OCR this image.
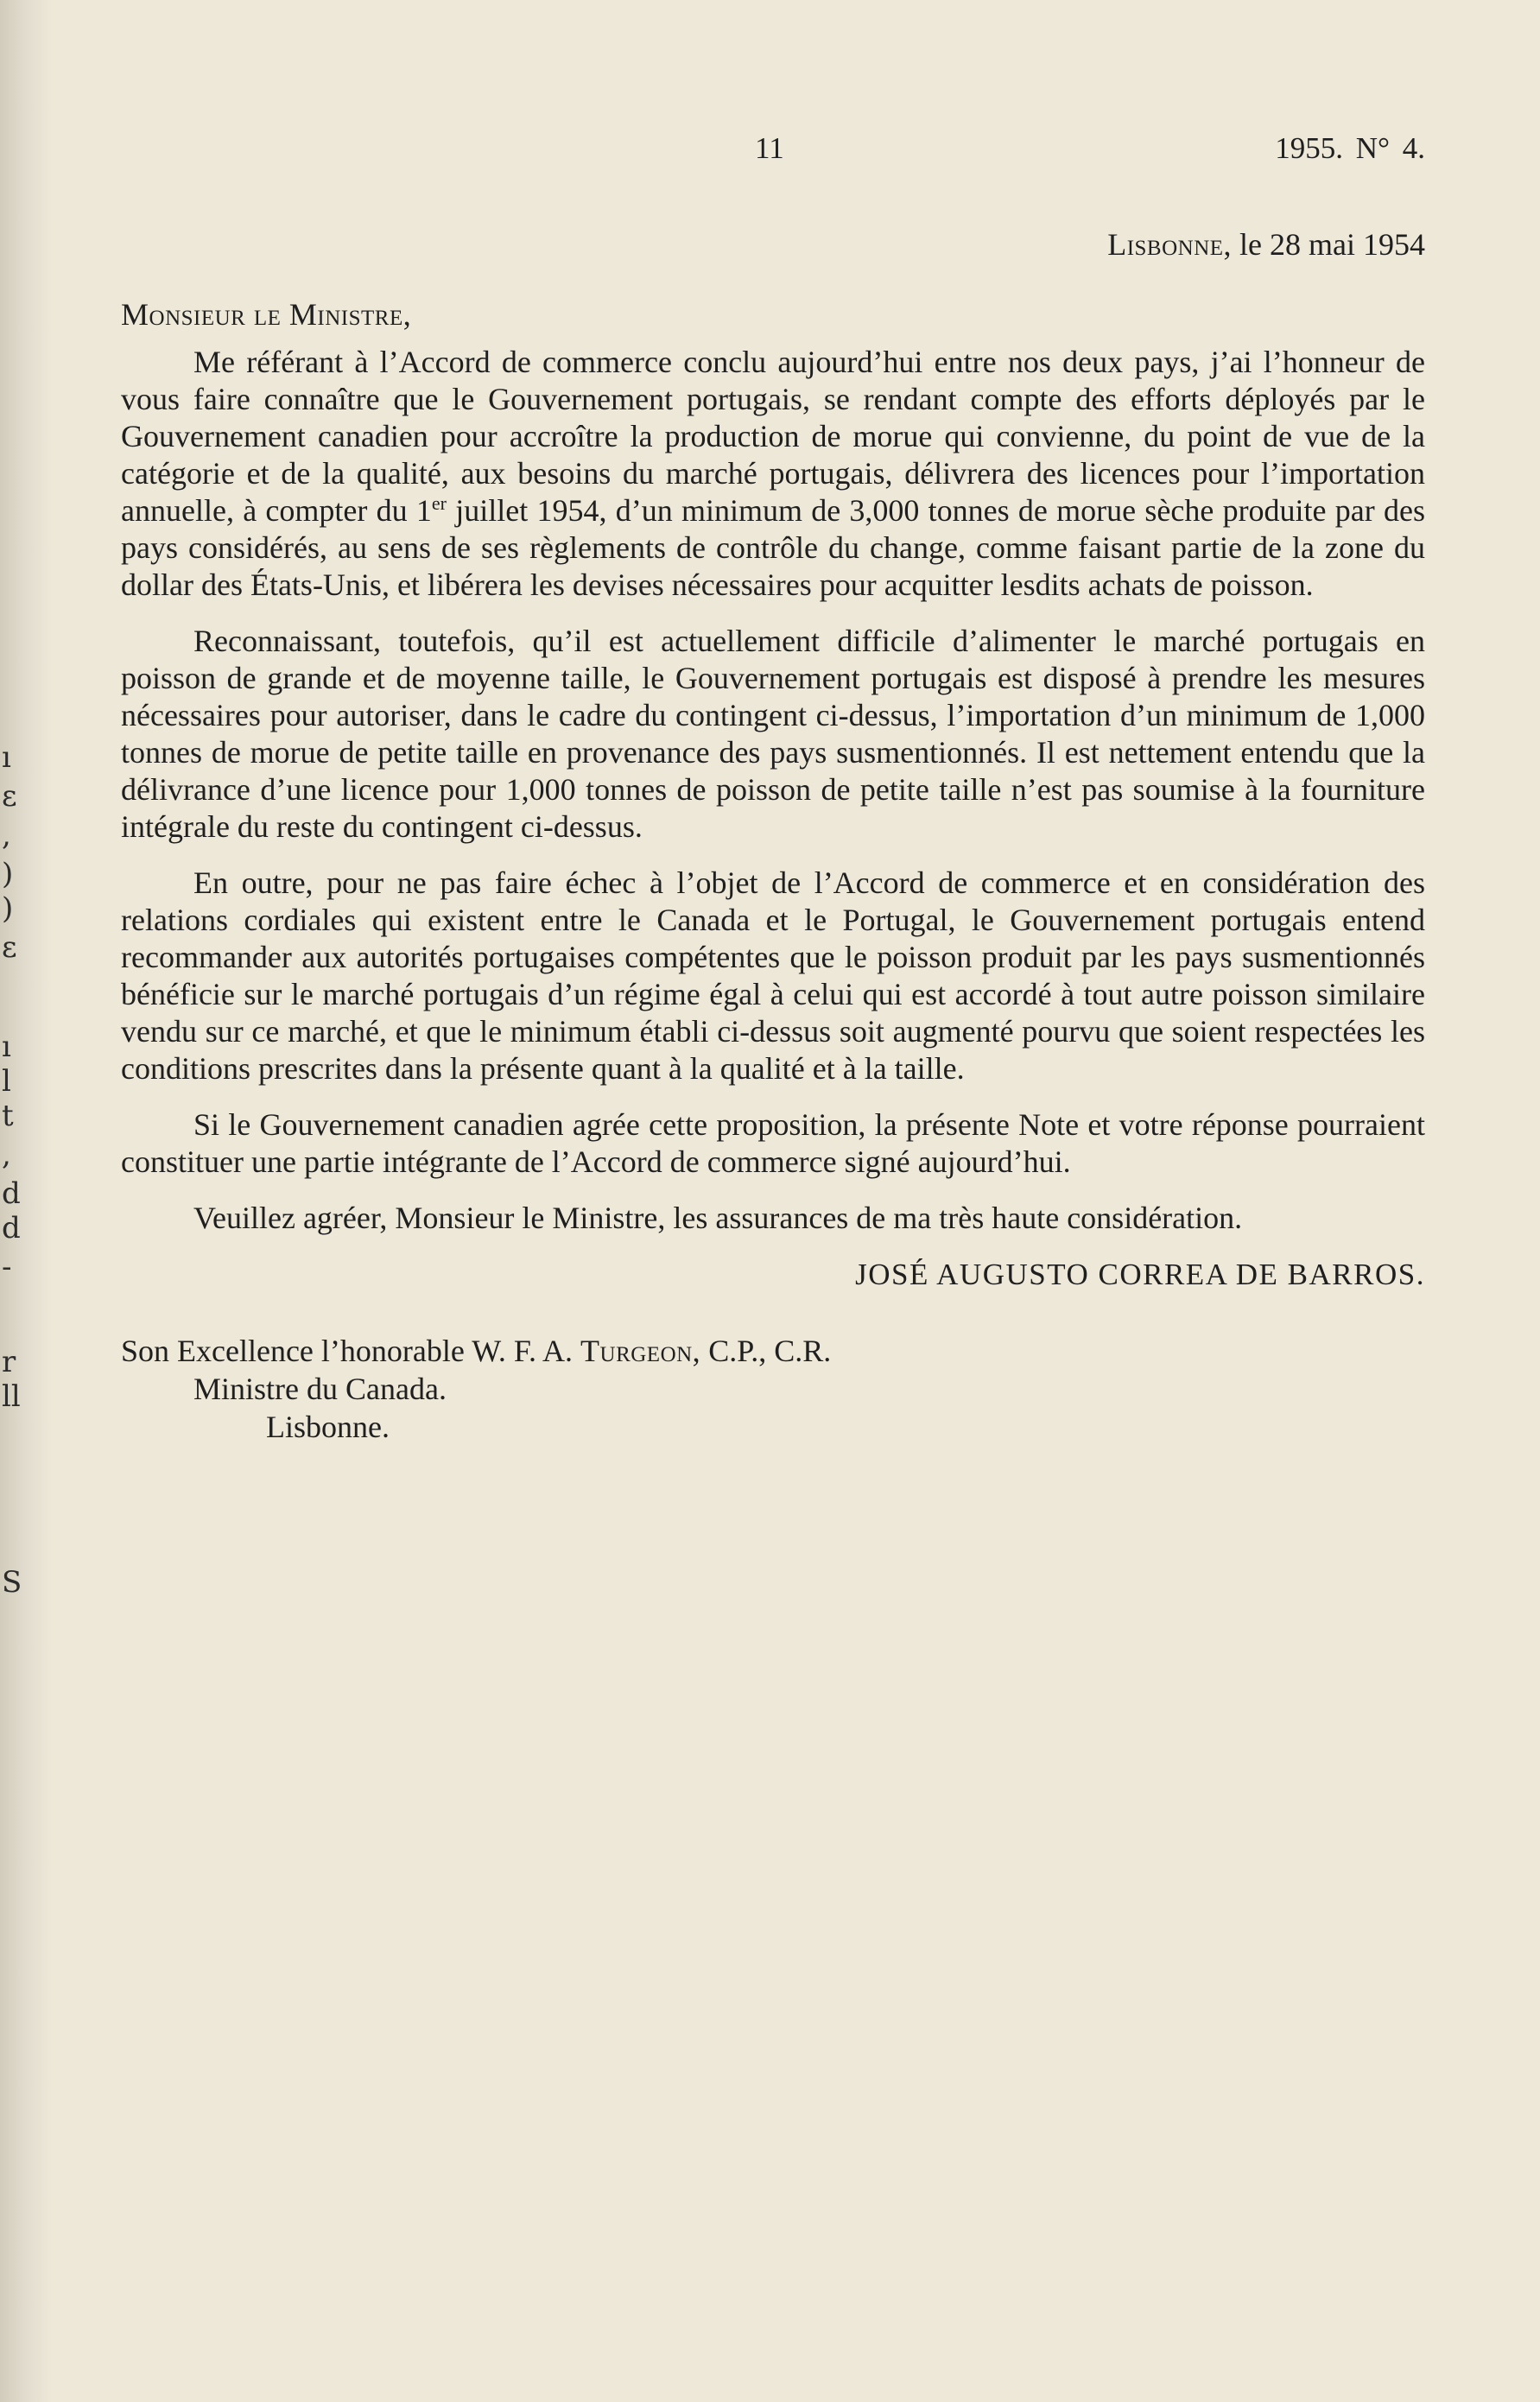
ı
ɛ
,
)
)
ɛ
ı
l
t
,
d
d
-
r
ll
S

11	1955. N° 4.
Lisbonne, le 28 mai 1954
Monsieur le Ministre,

Me référant à l’Accord de commerce conclu aujourd’hui entre nos deux pays, j’ai l’honneur de vous faire connaître que le Gouvernement portugais, se rendant compte des efforts déployés par le Gouvernement canadien pour accroître la production de morue qui convienne, du point de vue de la catégorie et de la qualité, aux besoins du marché portugais, délivrera des licences pour l’importation annuelle, à compter du 1er juillet 1954, d’un minimum de 3,000 tonnes de morue sèche produite par des pays considérés, au sens de ses règlements de contrôle du change, comme faisant partie de la zone du dollar des États-Unis, et libérera les devises nécessaires pour acquitter lesdits achats de poisson.

Reconnaissant, toutefois, qu’il est actuellement difficile d’alimenter le marché portugais en poisson de grande et de moyenne taille, le Gouvernement portugais est disposé à prendre les mesures nécessaires pour autoriser, dans le cadre du contingent ci-dessus, l’importation d’un minimum de 1,000 tonnes de morue de petite taille en provenance des pays susmentionnés. Il est nettement entendu que la délivrance d’une licence pour 1,000 tonnes de poisson de petite taille n’est pas soumise à la fourniture intégrale du reste du contingent ci-dessus.

En outre, pour ne pas faire échec à l’objet de l’Accord de commerce et en considération des relations cordiales qui existent entre le Canada et le Portugal, le Gouvernement portugais entend recommander aux autorités portugaises compétentes que le poisson produit par les pays susmentionnés bénéficie sur le marché portugais d’un régime égal à celui qui est accordé à tout autre poisson similaire vendu sur ce marché, et que le minimum établi ci-dessus soit augmenté pourvu que soient respectées les conditions prescrites dans la présente quant à la qualité et à la taille.

Si le Gouvernement canadien agrée cette proposition, la présente Note et votre réponse pourraient constituer une partie intégrante de l’Accord de commerce signé aujourd’hui.

Veuillez agréer, Monsieur le Ministre, les assurances de ma très haute considération.

JOSÉ AUGUSTO CORREA DE BARROS.
Son Excellence l’honorable W. F. A. Turgeon, C.P., C.R.
Ministre du Canada.
Lisbonne.
